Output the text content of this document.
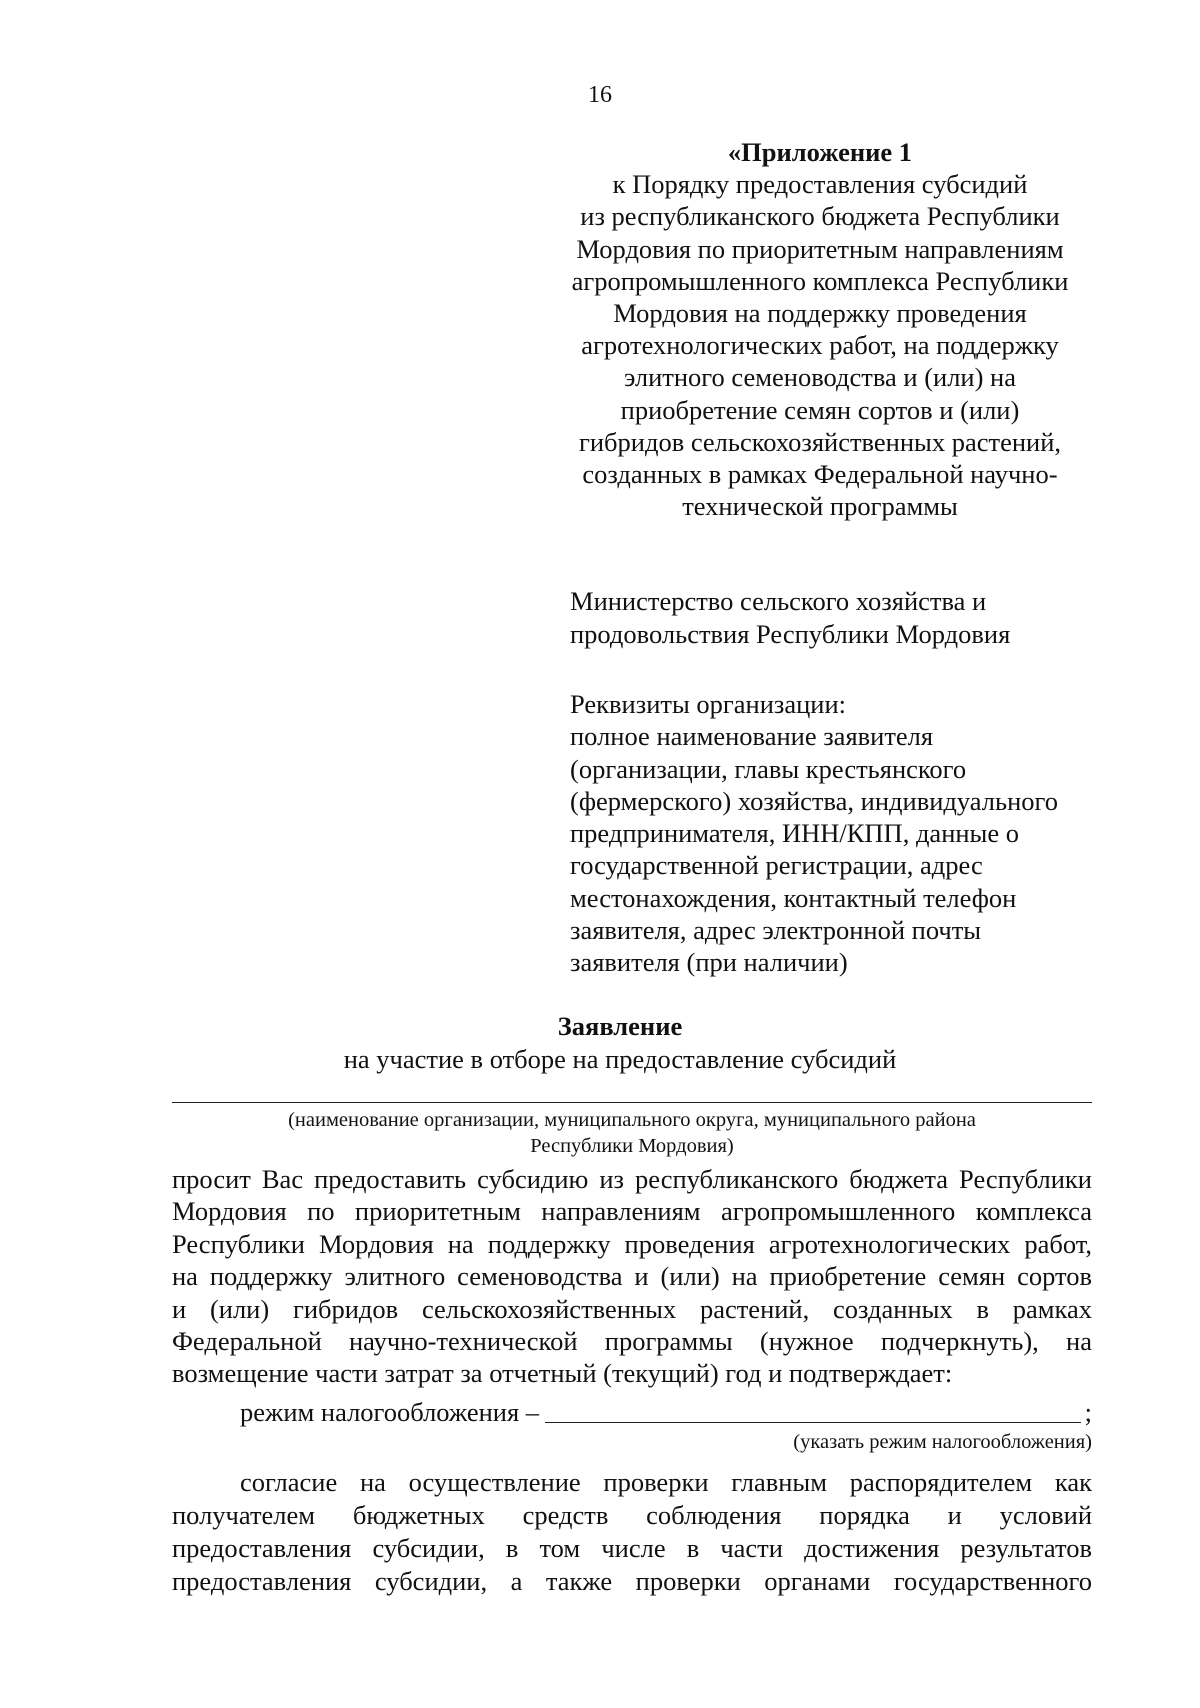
16
«Приложение 1
к Порядку предоставления субсидий
из республиканского бюджета Республики
Мордовия по приоритетным направлениям
агропромышленного комплекса Республики
Мордовия на поддержку проведения
агротехнологических работ, на поддержку
элитного семеноводства и (или) на
приобретение семян сортов и (или)
гибридов сельскохозяйственных растений,
созданных в рамках Федеральной научно-
технической программы
Министерство сельского хозяйства и
продовольствия Республики Мордовия
Реквизиты организации:
полное наименование заявителя
(организации, главы крестьянского
(фермерского) хозяйства, индивидуального
предпринимателя, ИНН/КПП, данные о
государственной регистрации, адрес
местонахождения, контактный телефон
заявителя, адрес электронной почты
заявителя (при наличии)
Заявление
на участие в отборе на предоставление субсидий
(наименование организации, муниципального округа, муниципального района
Республики Мордовия)
просит Вас предоставить субсидию из республиканского бюджета Республики
Мордовия по приоритетным направлениям агропромышленного комплекса
Республики Мордовия на поддержку проведения агротехнологических работ,
на поддержку элитного семеноводства и (или) на приобретение семян сортов
и (или) гибридов сельскохозяйственных растений, созданных в рамках
Федеральной научно-технической программы (нужное подчеркнуть), на
возмещение части затрат за отчетный (текущий) год и подтверждает:
режим налогообложения –	;
(указать режим налогообложения)
согласие на осуществление проверки главным распорядителем как
получателем бюджетных средств соблюдения порядка и условий
предоставления субсидии, в том числе в части достижения результатов
предоставления субсидии, а также проверки органами государственного
